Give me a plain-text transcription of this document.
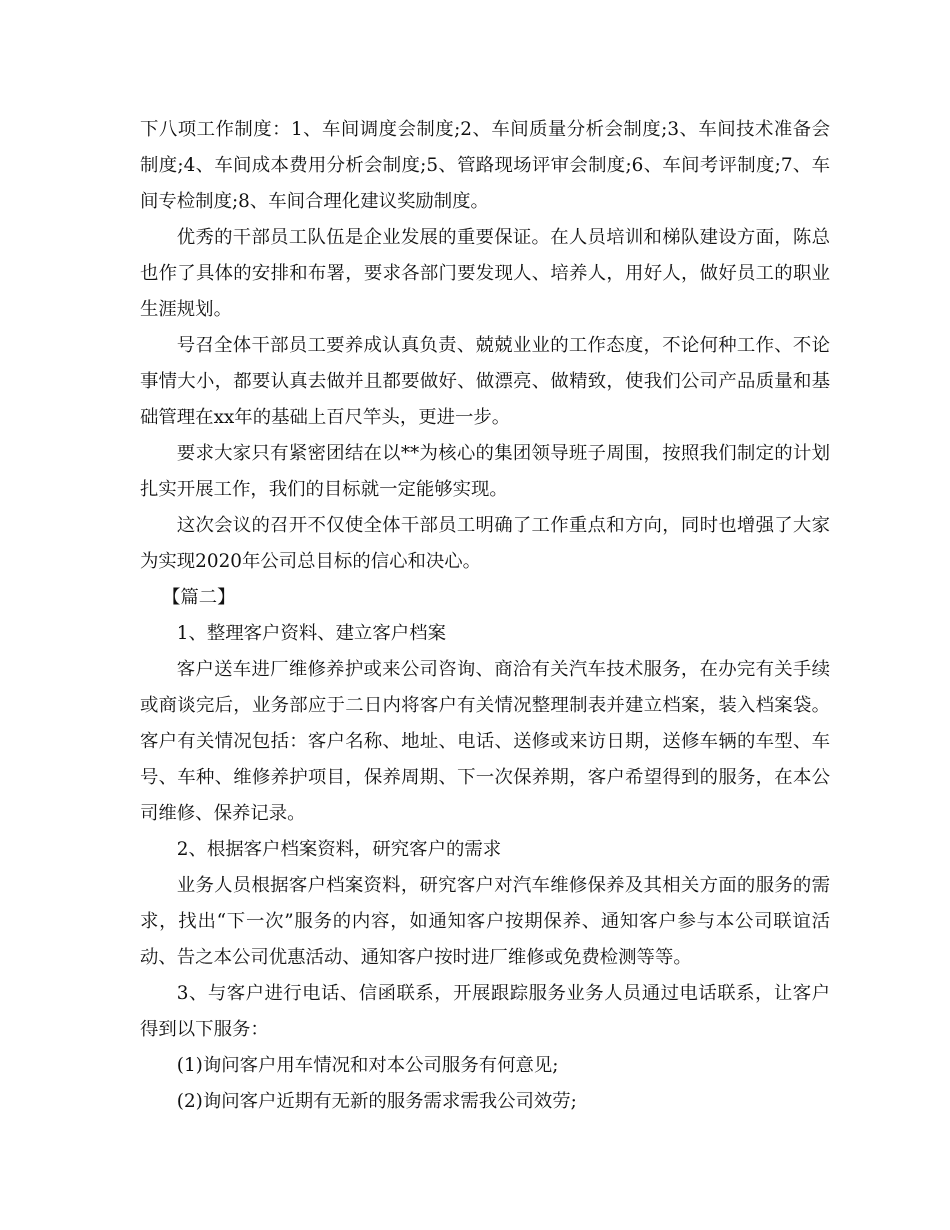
下八项工作制度：1、车间调度会制度;2、车间质量分析会制度;3、车间技术准备会制度;4、车间成本费用分析会制度;5、管路现场评审会制度;6、车间考评制度;7、车间专检制度;8、车间合理化建议奖励制度。

优秀的干部员工队伍是企业发展的重要保证。在人员培训和梯队建设方面，陈总也作了具体的安排和布署，要求各部门要发现人、培养人，用好人，做好员工的职业生涯规划。

号召全体干部员工要养成认真负责、兢兢业业的工作态度，不论何种工作、不论事情大小，都要认真去做并且都要做好、做漂亮、做精致，使我们公司产品质量和基础管理在xx年的基础上百尺竿头，更进一步。

要求大家只有紧密团结在以**为核心的集团领导班子周围，按照我们制定的计划扎实开展工作，我们的目标就一定能够实现。

这次会议的召开不仅使全体干部员工明确了工作重点和方向，同时也增强了大家为实现2020年公司总目标的信心和决心。

【篇二】

1、整理客户资料、建立客户档案

客户送车进厂维修养护或来公司咨询、商洽有关汽车技术服务，在办完有关手续或商谈完后，业务部应于二日内将客户有关情况整理制表并建立档案，装入档案袋。客户有关情况包括：客户名称、地址、电话、送修或来访日期，送修车辆的车型、车号、车种、维修养护项目，保养周期、下一次保养期，客户希望得到的服务，在本公司维修、保养记录。

2、根据客户档案资料，研究客户的需求

业务人员根据客户档案资料，研究客户对汽车维修保养及其相关方面的服务的需求，找出“下一次”服务的内容，如通知客户按期保养、通知客户参与本公司联谊活动、告之本公司优惠活动、通知客户按时进厂维修或免费检测等等。

3、与客户进行电话、信函联系，开展跟踪服务业务人员通过电话联系，让客户得到以下服务：

(1)询问客户用车情况和对本公司服务有何意见;

(2)询问客户近期有无新的服务需求需我公司效劳;
